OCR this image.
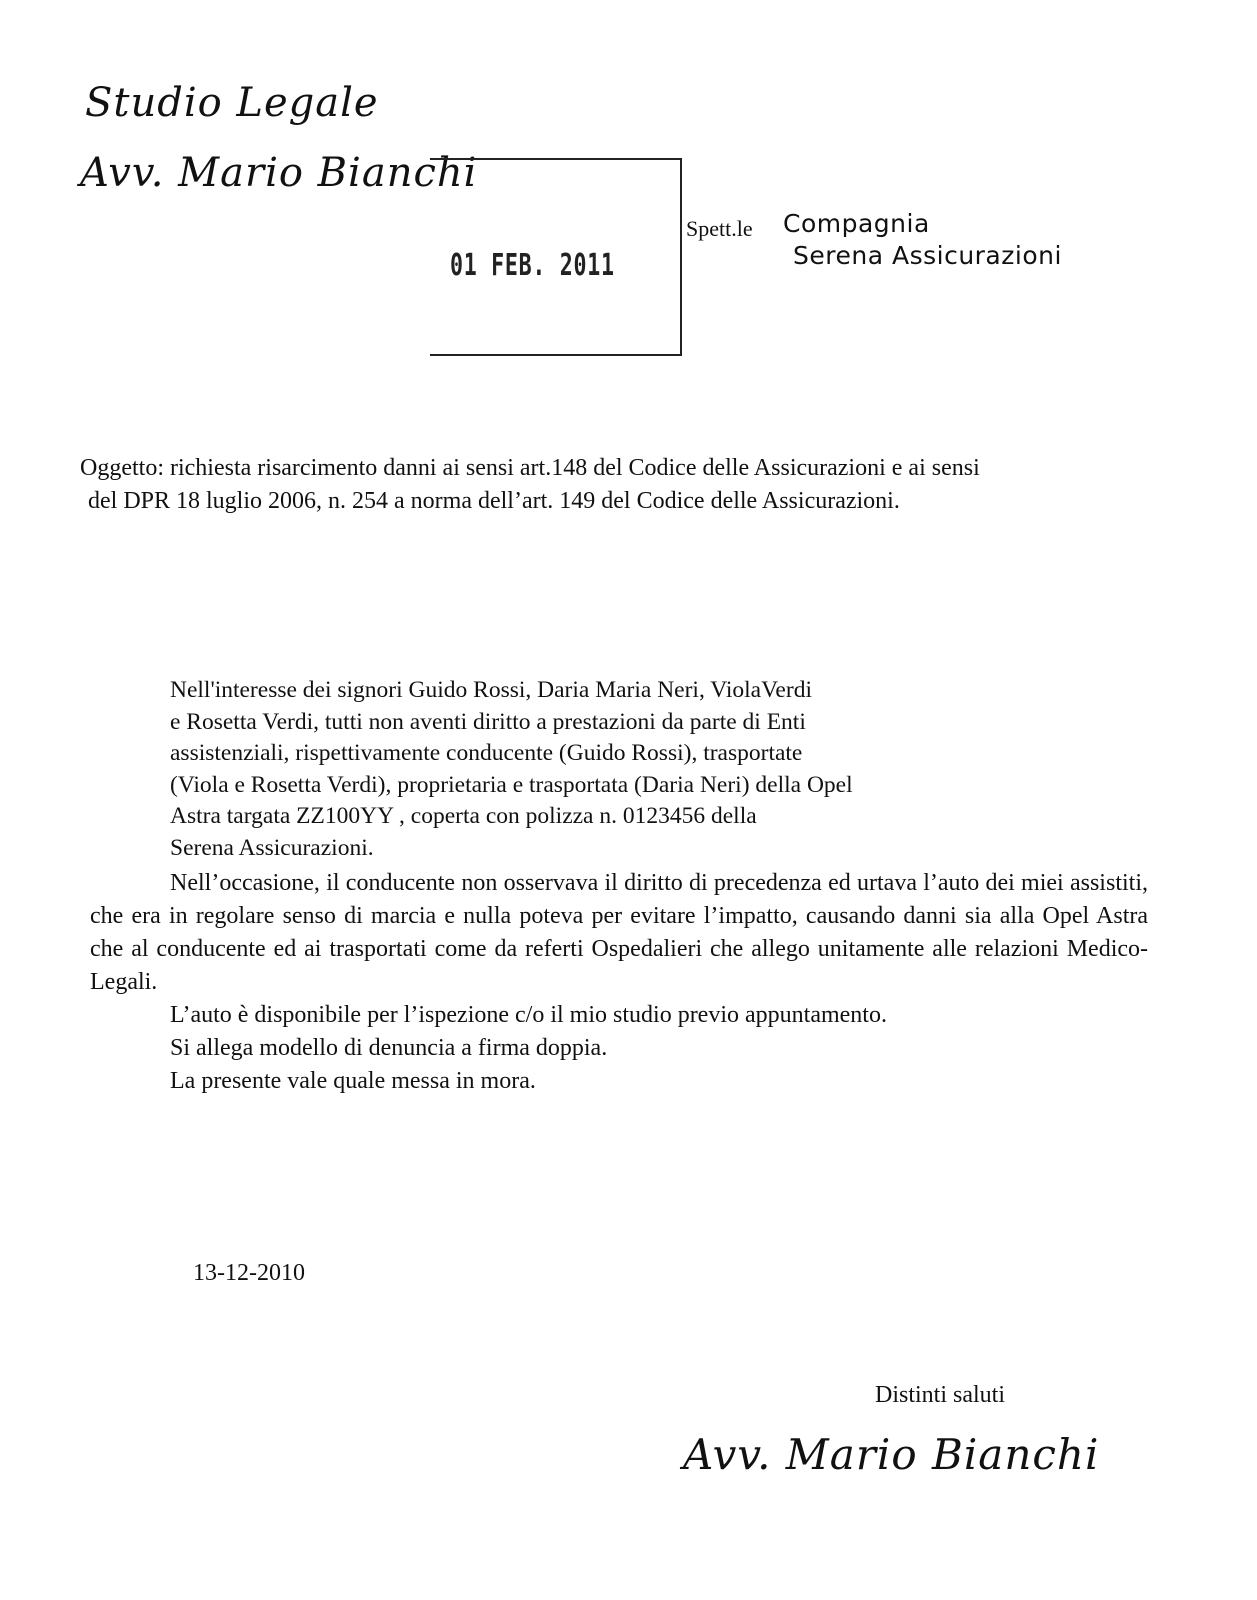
Studio Legale
Avv. Mario Bianchi
01 FEB. 2011
Spett.le Compagnia
Serena Assicurazioni
Oggetto: richiesta risarcimento danni ai sensi art.148 del Codice delle Assicurazioni e ai sensi
del DPR 18 luglio 2006, n. 254 a norma dell’art. 149 del Codice delle Assicurazioni.
Nell'interesse dei signori Guido Rossi, Daria Maria Neri, ViolaVerdi
e Rosetta Verdi, tutti non aventi diritto a prestazioni da parte di Enti
assistenziali, rispettivamente conducente (Guido Rossi), trasportate
(Viola e Rosetta Verdi), proprietaria e trasportata (Daria Neri) della Opel
Astra targata ZZ100YY , coperta con polizza n. 0123456 della
Serena Assicurazioni.
Nell’occasione, il conducente non osservava il diritto di precedenza ed urtava l’auto dei miei assistiti, che era in regolare senso di marcia e nulla poteva per evitare l’impatto, causando danni sia alla Opel Astra che al conducente ed ai trasportati come da referti Ospedalieri che allego unitamente alle relazioni Medico-Legali.
L’auto è disponibile per l’ispezione c/o il mio studio previo appuntamento.
Si allega modello di denuncia a firma doppia.
La presente vale quale messa in mora.
13-12-2010
Distinti saluti
Avv. Mario Bianchi
